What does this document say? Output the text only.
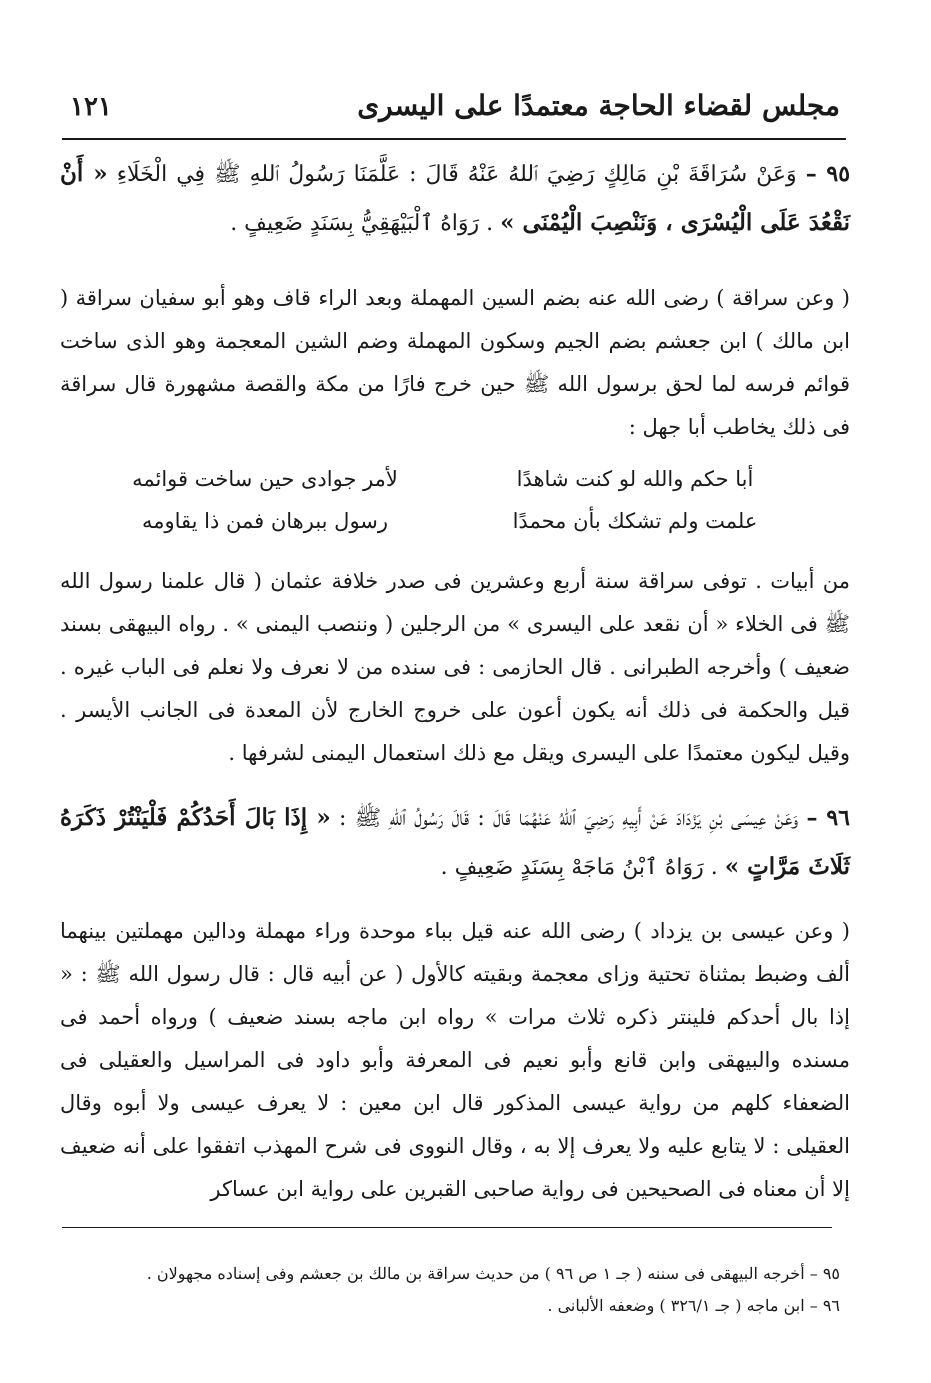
مجلس لقضاء الحاجة معتمدًا على اليسرى
١٢١

٩٥ – وَعَنْ سُرَاقَةَ بْنِ مَالِكٍ رَضِيَ ٱللهُ عَنْهُ قَالَ : عَلَّمَنَا رَسُولُ ٱللهِ ﷺ فِي الْخَلَاءِ « أَنْ نَقْعُدَ عَلَى الْيُسْرَى ، وَنَنْصِبَ الْيُمْنَى » . رَوَاهُ ٱلْبَيْهَقِيُّ بِسَنَدٍ ضَعِيفٍ .

( وعن سراقة ) رضى الله عنه بضم السين المهملة وبعد الراء قاف وهو أبو سفيان سراقة ( ابن مالك ) ابن جعشم بضم الجيم وسكون المهملة وضم الشين المعجمة وهو الذى ساخت قوائم فرسه لما لحق برسول الله ﷺ حين خرج فارًا من مكة والقصة مشهورة قال سراقة فى ذلك يخاطب أبا جهل :

أبا حكم والله لو كنت شاهدًا
لأمر جوادى حين ساخت قوائمه
علمت ولم تشكك بأن محمدًا
رسول ببرهان فمن ذا يقاومه

من أبيات . توفى سراقة سنة أربع وعشرين فى صدر خلافة عثمان ( قال علمنا رسول الله ﷺ فى الخلاء « أن نقعد على اليسرى » من الرجلين ( وننصب اليمنى » . رواه البيهقى بسند ضعيف ) وأخرجه الطبرانى . قال الحازمى : فى سنده من لا نعرف ولا نعلم فى الباب غيره . قيل والحكمة فى ذلك أنه يكون أعون على خروج الخارج لأن المعدة فى الجانب الأيسر . وقيل ليكون معتمدًا على اليسرى ويقل مع ذلك استعمال اليمنى لشرفها .

٩٦ – وَعَنْ عِيسَى بْنِ يَزْدَادَ عَنْ أَبِيهِ رَضِيَ ٱللهُ عَنْهُمَا قَالَ : قَالَ رَسُولُ ٱللهِ ﷺ : « إِذَا بَالَ أَحَدُكُمْ فَلْيَنْتُرْ ذَكَرَهُ ثَلَاثَ مَرَّاتٍ » . رَوَاهُ ٱبْنُ مَاجَهْ بِسَنَدٍ ضَعِيفٍ .

( وعن عيسى بن يزداد ) رضى الله عنه قيل بباء موحدة وراء مهملة ودالين مهملتين بينهما ألف وضبط بمثناة تحتية وزاى معجمة وبقيته كالأول ( عن أبيه قال : قال رسول الله ﷺ : « إذا بال أحدكم فلينتر ذكره ثلاث مرات » رواه ابن ماجه بسند ضعيف ) ورواه أحمد فى مسنده والبيهقى وابن قانع وأبو نعيم فى المعرفة وأبو داود فى المراسيل والعقيلى فى الضعفاء كلهم من رواية عيسى المذكور قال ابن معين : لا يعرف عيسى ولا أبوه وقال العقيلى : لا يتابع عليه ولا يعرف إلا به ، وقال النووى فى شرح المهذب اتفقوا على أنه ضعيف إلا أن معناه فى الصحيحين فى رواية صاحبى القبرين على رواية ابن عساكر

٩٥ – أخرجه البيهقى فى سننه ( جـ ١ ص ٩٦ ) من حديث سراقة بن مالك بن جعشم وفى إسناده مجهولان .
٩٦ – ابن ماجه ( جـ ٣٢٦/١ ) وضعفه الألبانى .
